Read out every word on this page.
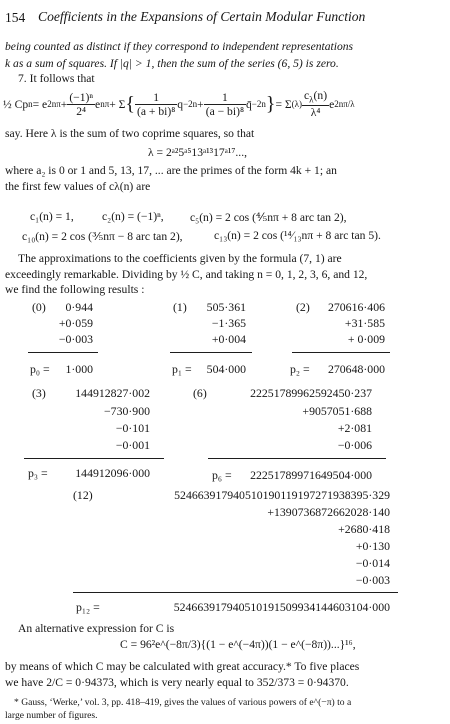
154 Coefficients in the Expansions of Certain Modular Function
being counted as distinct if they correspond to independent representations
k as a sum of squares. If |q| > 1, then the sum of the series (6, 5) is zero.
7. It follows that
½ Cp n = e $2n\pi + \frac{\text{(−1)ⁿ}}{\text{2⁴}}$ e nπ + Σ { $\frac{1}{\text{(a + bi)⁸}}$ $q -2n + \frac{1}{\text{(a − bi)⁸}}$ q̄ −2n } = Σ $(\lambda) \frac{c_\lambda(n)}{\text{λ⁴}}$ e 2nπ/λ
say. Here λ is the sum of two coprime squares, so that
λ = 2ᵃ²5ᵃ⁵13ᵃ¹³17ᵃ¹⁷...,
where a₂ is 0 or 1 and 5, 13, 17, ... are the primes of the form 4k + 1; an
the first few values of cλ(n) are
c₁(n) = 1, c₂(n) = (−1)ⁿ, c₅(n) = 2 cos (⅘nπ + 8 arc tan 2),
c₁₀(n) = 2 cos (⅗nπ − 8 arc tan 2),	c₁₃(n) = 2 cos (¹⁴⁄₁₃nπ + 8 arc tan 5).
The approximations to the coefficients given by the formula (7, 1) are
exceedingly remarkable. Dividing by ½ C, and taking n = 0, 1, 2, 3, 6, and 12,
we find the following results :
(0)	0·944
+0·059
−0·003
p₀ =	1·000
(1)	505·361
−1·365
+0·004
p₁ =	504·000
(2)	270616·406
+31·585
+ 0·009
p₂ =	270648·000
(3)	144912827·002
−730·900
−0·101
−0·001
p₃ =	144912096·000
(6)	22251789962592450·237
+9057051·688
+2·081
−0·006
p₆ =	22251789971649504·000
(12)	524663917940510190119197271938395·329
+1390736872662028·140
+2680·418
+0·130
−0·014
−0·003
p₁₂ =	524663917940510191509934144603104·000
An alternative expression for C is
C = 96²e^(−8π/3){(1 − e^(−4π))(1 − e^(−8π))...}¹⁶,
by means of which C may be calculated with great accuracy.* To five places
we have 2/C = 0·94373, which is very nearly equal to 352/373 = 0·94370.
* Gauss, ‘Werke,’ vol. 3, pp. 418–419, gives the values of various powers of e^(−π) to a
large number of figures.
